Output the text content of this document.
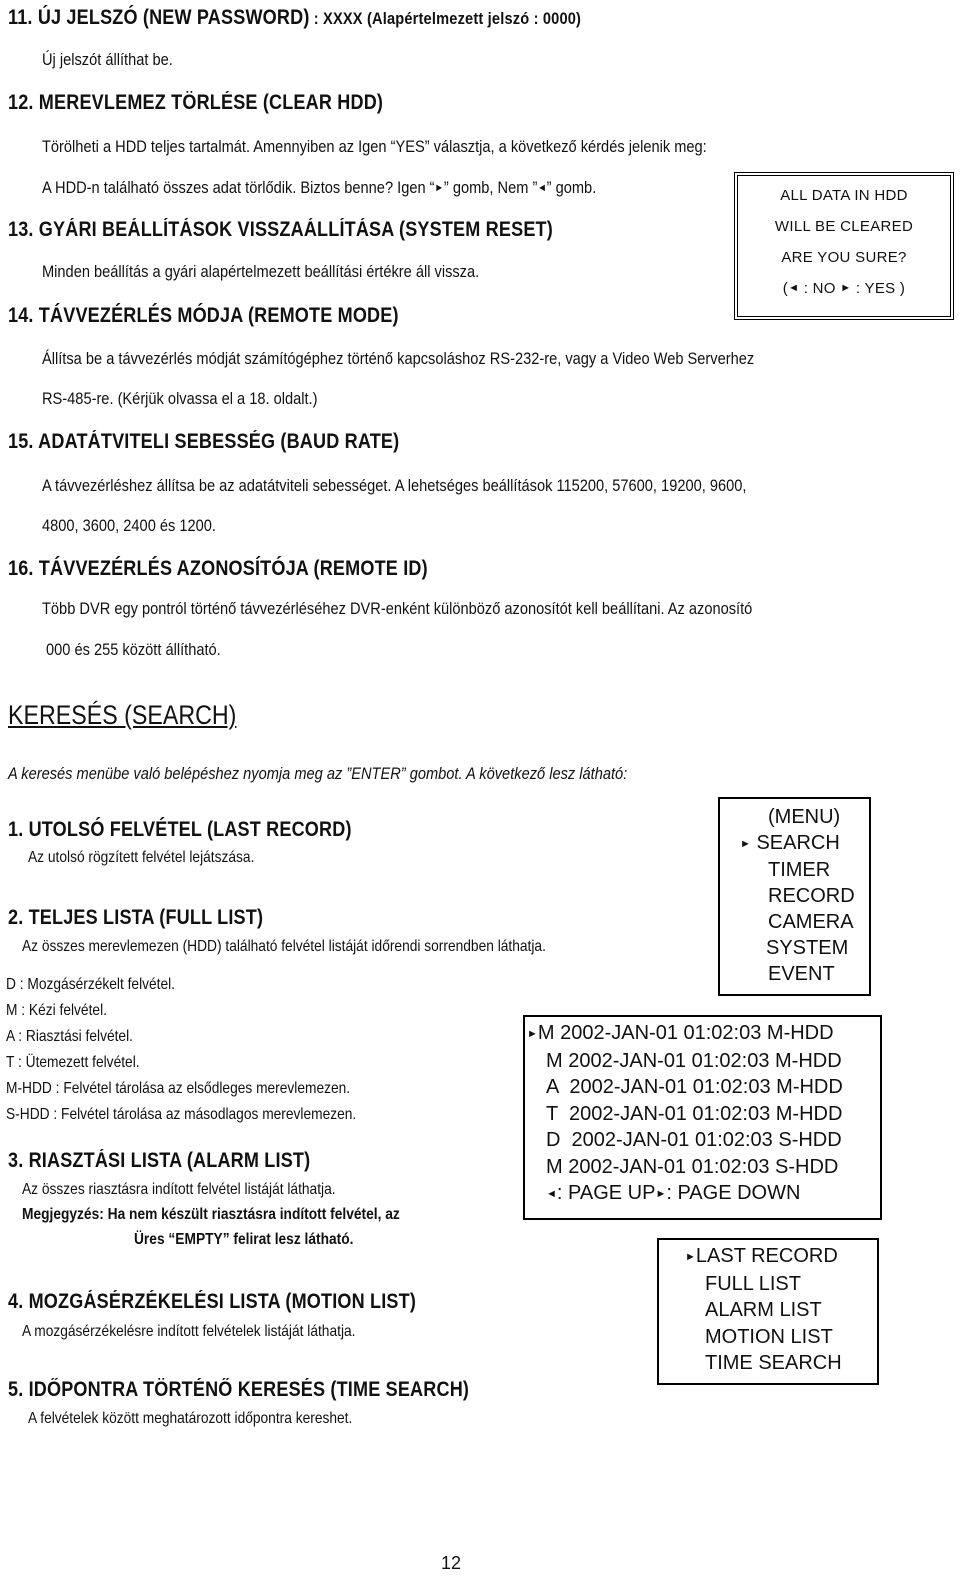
11. ÚJ JELSZÓ (NEW PASSWORD) : XXXX (Alapértelmezett jelszó : 0000)
Új jelszót állíthat be.
12. MEREVLEMEZ TÖRLÉSE (CLEAR HDD)
Törölheti a HDD teljes tartalmát. Amennyiben az Igen “YES” választja, a következő kérdés jelenik meg:
A HDD-n található összes adat törlődik. Biztos benne? Igen “►” gomb, Nem ”◄” gomb.	ALL DATA IN HDD
WILL BE CLEARED
ARE YOU SURE?
(◄ : NO ► : YES )
13. GYÁRI BEÁLLÍTÁSOK VISSZAÁLLÍTÁSA (SYSTEM RESET)
Minden beállítás a gyári alapértelmezett beállítási értékre áll vissza.
14. TÁVVEZÉRLÉS MÓDJA (REMOTE MODE)
Állítsa be a távvezérlés módját számítógéphez történő kapcsoláshoz RS-232-re, vagy a Video Web Serverhez
RS-485-re. (Kérjük olvassa el a 18. oldalt.)
15. ADATÁTVITELI SEBESSÉG (BAUD RATE)
A távvezérléshez állítsa be az adatátviteli sebességet. A lehetséges beállítások 115200, 57600, 19200, 9600,
4800, 3600, 2400 és 1200.
16. TÁVVEZÉRLÉS AZONOSÍTÓJA (REMOTE ID)
Több DVR egy pontról történő távvezérléséhez DVR-enként különböző azonosítót kell beállítani. Az azonosító
000 és 255 között állítható.
KERESÉS (SEARCH)
A keresés menübe való belépéshez nyomja meg az ”ENTER” gombot. A következő lesz látható:
(MENU)
► SEARCH
TIMER
RECORD
CAMERA
SYSTEM
EVENT
1. UTOLSÓ FELVÉTEL (LAST RECORD)
Az utolsó rögzített felvétel lejátszása.
2. TELJES LISTA (FULL LIST)
Az összes merevlemezen (HDD) található felvétel listáját időrendi sorrendben láthatja.
D : Mozgásérzékelt felvétel.
M : Kézi felvétel.
A : Riasztási felvétel.
T : Ütemezett felvétel.
M-HDD : Felvétel tárolása az elsődleges merevlemezen.
S-HDD : Felvétel tárolása az másodlagos merevlemezen.
►M 2002-JAN-01 01:02:03 M-HDD
M 2002-JAN-01 01:02:03 M-HDD
A  2002-JAN-01 01:02:03 M-HDD
T  2002-JAN-01 01:02:03 M-HDD
D  2002-JAN-01 01:02:03 S-HDD
M 2002-JAN-01 01:02:03 S-HDD
◄: PAGE UP►: PAGE DOWN
3. RIASZTÁSI LISTA (ALARM LIST)
Az összes riasztásra indított felvétel listáját láthatja.
Megjegyzés: Ha nem készült riasztásra indított felvétel, az
Üres “EMPTY” felirat lesz látható.
►LAST RECORD
FULL LIST
ALARM LIST
MOTION LIST
TIME SEARCH
4. MOZGÁSÉRZÉKELÉSI LISTA (MOTION LIST)
A mozgásérzékelésre indított felvételek listáját láthatja.
5. IDŐPONTRA TÖRTÉNŐ KERESÉS (TIME SEARCH)
A felvételek között meghatározott időpontra kereshet.
12
